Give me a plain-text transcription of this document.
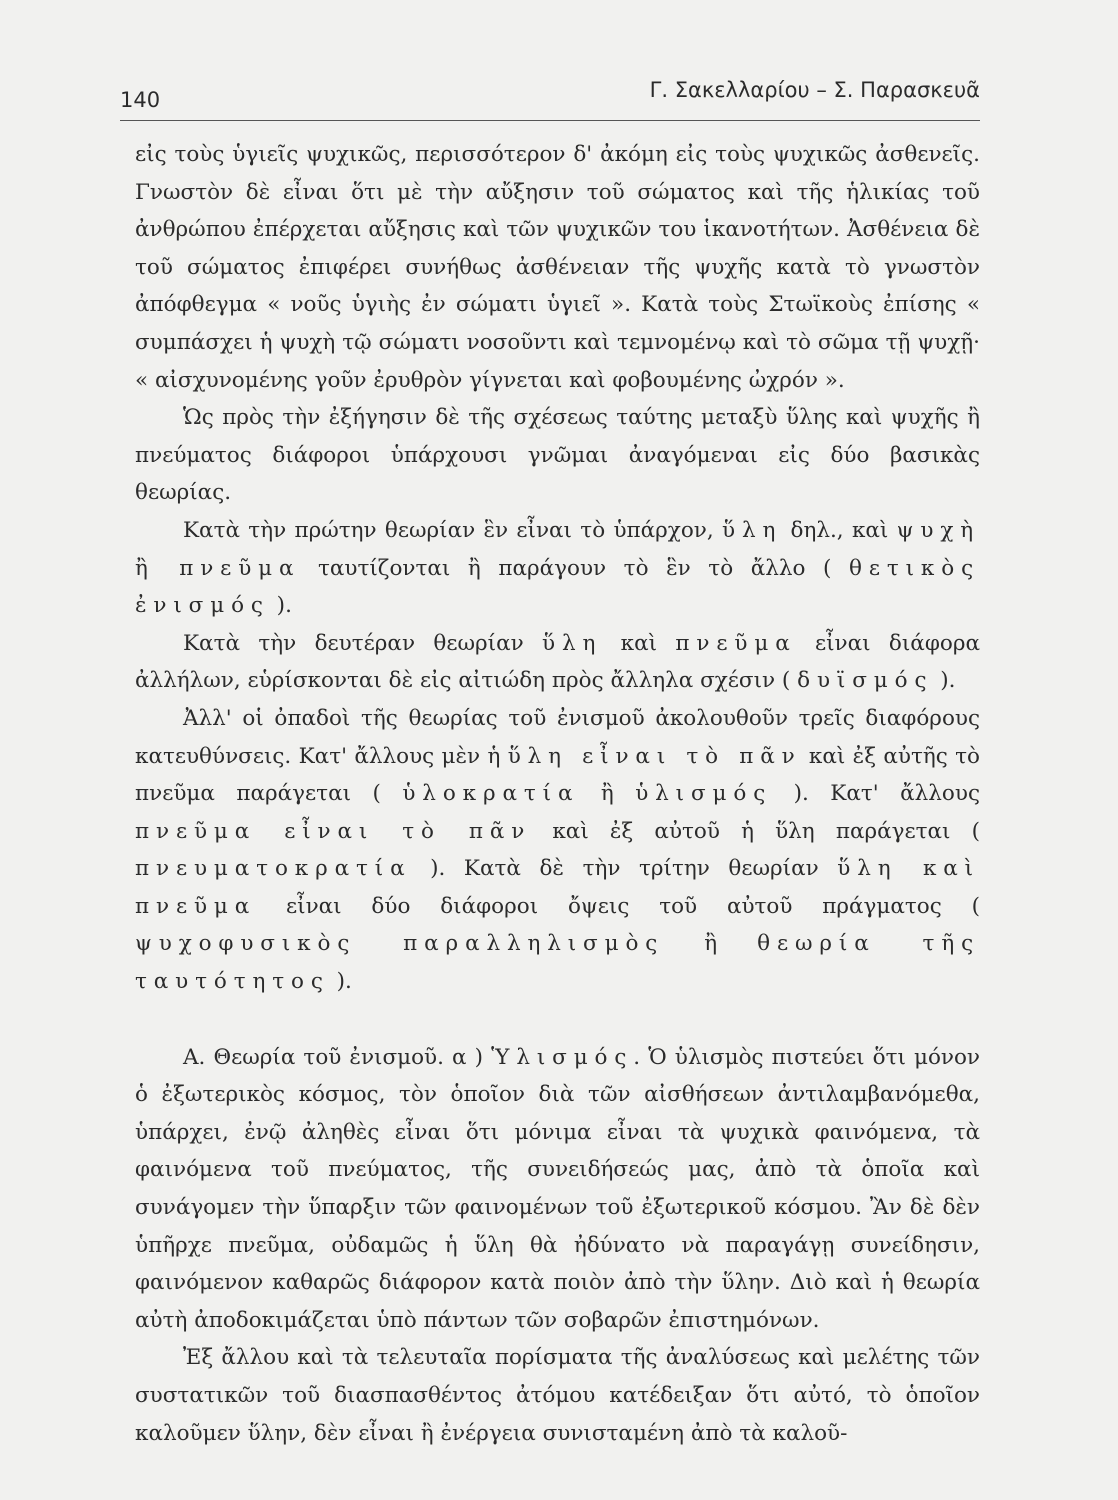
140	Γ. Σακελλαρίου – Σ. Παρασκευᾶ

εἰς τοὺς ὑγιεῖς ψυχικῶς, περισσότερον δ' ἀκόμη εἰς τοὺς ψυχικῶς ἀσθενεῖς. Γνωστὸν δὲ εἶναι ὅτι μὲ τὴν αὔξησιν τοῦ σώματος καὶ τῆς ἡλικίας τοῦ ἀνθρώπου ἐπέρχεται αὔξησις καὶ τῶν ψυχικῶν του ἱκανοτήτων. Ἀσθένεια δὲ τοῦ σώματος ἐπιφέρει συνήθως ἀσθένειαν τῆς ψυχῆς κατὰ τὸ γνωστὸν ἀπόφθεγμα « νοῦς ὑγιὴς ἐν σώματι ὑγιεῖ ». Κατὰ τοὺς Στωϊκοὺς ἐπίσης « συμπάσχει ἡ ψυχὴ τῷ σώματι νοσοῦντι καὶ τεμνομένῳ καὶ τὸ σῶμα τῇ ψυχῇ· « αἰσχυνομένης γοῦν ἐρυθρὸν γίγνεται καὶ φοβουμένης ὠχρόν ».

Ὡς πρὸς τὴν ἐξήγησιν δὲ τῆς σχέσεως ταύτης μεταξὺ ὕλης καὶ ψυχῆς ἢ πνεύματος διάφοροι ὑπάρχουσι γνῶμαι ἀναγόμεναι εἰς δύο βασικὰς θεωρίας.

Κατὰ τὴν πρώτην θεωρίαν ἓν εἶναι τὸ ὑπάρχον, ὕλη δηλ., καὶ ψυχὴ ἢ πνεῦμα ταυτίζονται ἢ παράγουν τὸ ἓν τὸ ἄλλο ( θετικὸς ἐνισμός ).

Κατὰ τὴν δευτέραν θεωρίαν ὕλη καὶ πνεῦμα εἶναι διάφορα ἀλλήλων, εὑρίσκονται δὲ εἰς αἰτιώδη πρὸς ἄλληλα σχέσιν ( δυϊσμός ).

Ἀλλ' οἱ ὀπαδοὶ τῆς θεωρίας τοῦ ἐνισμοῦ ἀκολουθοῦν τρεῖς διαφόρους κατευθύνσεις. Κατ' ἄλλους μὲν ἡ ὕλη εἶναι τὸ πᾶν καὶ ἐξ αὐτῆς τὸ πνεῦμα παράγεται ( ὑλοκρατία ἢ ὑλισμός ). Κατ' ἄλλους πνεῦμα εἶναι τὸ πᾶν καὶ ἐξ αὐτοῦ ἡ ὕλη παράγεται ( πνευματοκρατία ). Κατὰ δὲ τὴν τρίτην θεωρίαν ὕλη καὶ πνεῦμα εἶναι δύο διάφοροι ὄψεις τοῦ αὐτοῦ πράγματος ( ψυχοφυσικὸς παραλληλισμὸς ἢ θεωρία τῆς ταυτότητος ).

Α. Θεωρία τοῦ ἐνισμοῦ. α ) Ὑλισμός. Ὁ ὑλισμὸς πιστεύει ὅτι μόνον ὁ ἐξωτερικὸς κόσμος, τὸν ὁποῖον διὰ τῶν αἰσθήσεων ἀντιλαμβανόμεθα, ὑπάρχει, ἐνῷ ἀληθὲς εἶναι ὅτι μόνιμα εἶναι τὰ ψυχικὰ φαινόμενα, τὰ φαινόμενα τοῦ πνεύματος, τῆς συνειδήσεώς μας, ἀπὸ τὰ ὁποῖα καὶ συνάγομεν τὴν ὕπαρξιν τῶν φαινομένων τοῦ ἐξωτερικοῦ κόσμου. Ἂν δὲ δὲν ὑπῆρχε πνεῦμα, οὐδαμῶς ἡ ὕλη θὰ ἠδύνατο νὰ παραγάγῃ συνείδησιν, φαινόμενον καθαρῶς διάφορον κατὰ ποιὸν ἀπὸ τὴν ὕλην. Διὸ καὶ ἡ θεωρία αὐτὴ ἀποδοκιμάζεται ὑπὸ πάντων τῶν σοβαρῶν ἐπιστημόνων.

Ἐξ ἄλλου καὶ τὰ τελευταῖα πορίσματα τῆς ἀναλύσεως καὶ μελέτης τῶν συστατικῶν τοῦ διασπασθέντος ἀτόμου κατέδειξαν ὅτι αὐτό, τὸ ὁποῖον καλοῦμεν ὕλην, δὲν εἶναι ἢ ἐνέργεια συνισταμένη ἀπὸ τὰ καλοῦ-
